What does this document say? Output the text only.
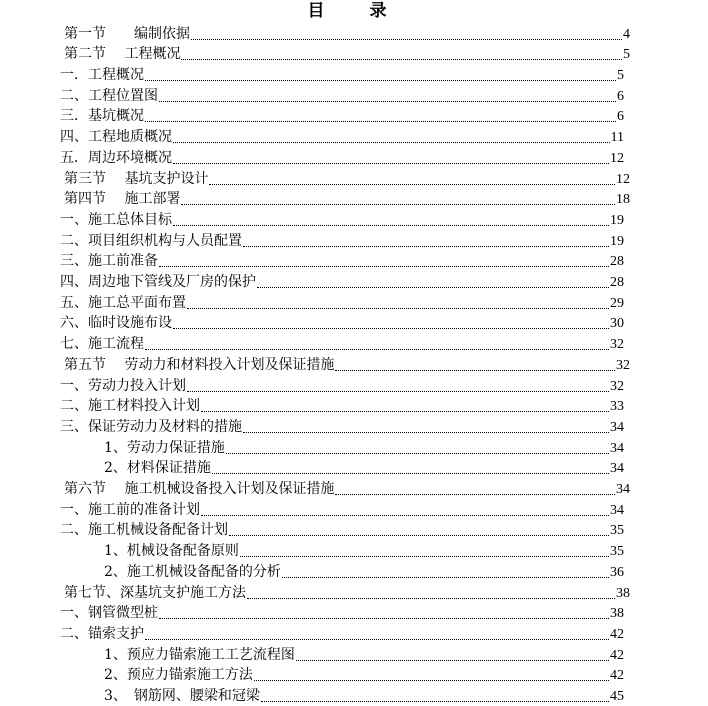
目　录
第一节　　编制依据	4
第二节　 工程概况	5
一．工程概况	5
二、工程位置图	6
三．基坑概况	6
四、工程地质概况	11
五．周边环境概况	12
第三节　 基坑支护设计	12
第四节　 施工部署	18
一、施工总体目标	19
二、项目组织机构与人员配置	19
三、施工前准备	28
四、周边地下管线及厂房的保护	28
五、施工总平面布置	29
六、临时设施布设	30
七、施工流程	32
第五节　 劳动力和材料投入计划及保证措施	32
一、劳动力投入计划	32
二、施工材料投入计划	33
三、保证劳动力及材料的措施	34
1、劳动力保证措施	34
2、材料保证措施	34
第六节　 施工机械设备投入计划及保证措施	34
一、施工前的准备计划	34
二、施工机械设备配备计划	35
1、机械设备配备原则	35
2、施工机械设备配备的分析	36
第七节、深基坑支护施工方法	38
一、钢管微型桩	38
二、锚索支护	42
1、预应力锚索施工工艺流程图	42
2、预应力锚索施工方法	42
3、　钢筋网、腰梁和冠梁	45
